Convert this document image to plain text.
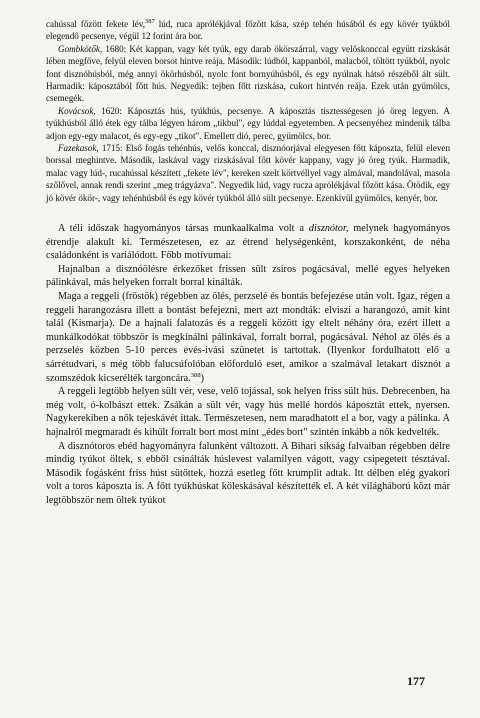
cahússal főzött fekete lév,$^{387}$ lúd, ruca aprólékjával főzött kása, szép tehén húsából és egy kövér tyúkból elegendő pecsenye, végül 12 forint ára bor.

Gombkötők, 1680: Két kappan, vagy két tyúk, egy darab ökörszárral, vagy velőskonccal együtt rizskását lében megfőve, felyül eleven borsot hintve reája. Második: lúdból, kappanból, malacból, töltött tyúkból, nyolc font disznóhúsból, még annyi ökörhúsból, nyolc font bornyúhúsból, és egy nyúlnak hátsó részéből ált sült. Harmadik: káposztából főtt hús. Negyedik: tejben főtt rizskása, cukort hintvén reája. Ezek után gyümölcs, csemegék.

Kovácsok, 1620: Káposztás hús, tyúkhús, pecsenye. A káposztás tisztességesen jó öreg legyen. A tyúkhúsból álló étek egy tálba légyen három „tikbul", egy lúddal egyetemben. A pecsenyéhez mindenik tálba adjon egy-egy malacot, és egy-egy „tikot". Emellett dió, perec, gyümölcs, bor.

Fazekasok, 1715: Első fogás tehénhús, velős konccal, disznóorjával elegyesen főtt káposzta, felül eleven borssal meghintve. Második, laskával vagy rizskásával főtt kövér kappany, vagy jó öreg tyúk. Harmadik, malac vagy lúd-, rucahússal készített „fekete lév", kereken szelt körtvéllyel vagy almával, mandolával, masola szőlővel, annak rendi szerint „meg trágyázva". Negyedik lúd, vagy rucza aprólékjával főzött kása. Ötödik, egy jó kövér ökör-, vagy tehénhúsból és egy kövér tyúkból álló sült pecsenye. Ezenkívül gyümölcs, kenyér, bor.

A téli időszak hagyományos társas munkaalkalma volt a disznótor, melynek hagyományos étrendje alakult ki. Természetesen, ez az étrend helységenként, korszakonként, de néha családonként is variálódott. Főbb motívumai:

Hajnalban a disznóölésre érkezőket frissen sült zsíros pogácsával, mellé egyes helyeken pálinkával, más helyeken forralt borral kínálták.

Maga a reggeli (fröstök) régebben az ölés, perzselé és bontás befejezése után volt. Igaz, régen a reggeli harangozásra illett a bontást befejezni, mert azt mondták: elviszi a harangozó, amit kint talál (Kismarja). De a hajnali falatozás és a reggeli között így eltelt néhány óra, ezért illett a munkálkodókat többször is megkínálni pálinkával, forralt borral, pogácsával. Néhol az ölés és a perzselés közben 5-10 perces evés-ivási szünetet is tartottak. (Ilyenkor fordulhatott elő a sárrétudvari, s még több falucsúfolóban előforduló eset, amikor a szalmával letakart disznót a szomszédok kicserélték targoncára.$^{388}$)

A reggeli legtöbb helyen sült vér, vese, velő tojással, sok helyen friss sült hús. Debrecenben, ha még volt, ó-kolbászt ettek. Zsákán a sült vér, vagy hús mellé hordós káposztát ettek, nyersen. Nagykerekiben a nők tejeskávét ittak. Természetesen, nem maradhatott el a bor, vagy a pálinka. A hajnalról megmaradt és kihűlt forralt bort most mint „édes bort" szintén inkább a nők kedvelték.

A disznótoros ebéd hagyományra falunként változott. A Bihari síkság falvaiban régebben délre mindig tyúkot öltek, s ebből csinálták húslevest valamilyen vágott, vagy csipegetett tésztával. Második fogásként friss húst sütöttek, hozzá esetleg főtt krumplit adtak. Itt délben elég gyakori volt a toros káposzta is. A főtt tyúkhúskat köleskásával készítették el. A két világháború közt már legtöbbször nem öltek tyúkot

177
